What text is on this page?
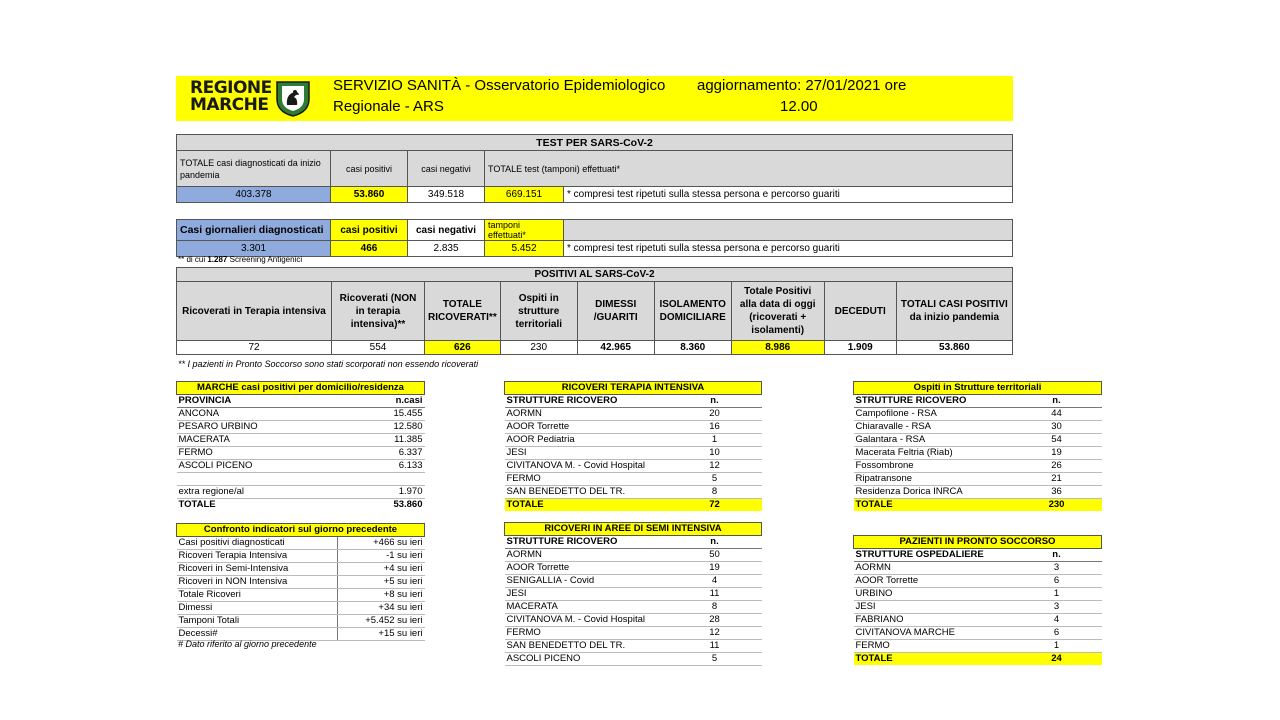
REGIONE
MARCHE
SERVIZIO SANITÀ - Osservatorio Epidemiologico
Regionale - ARS
aggiornamento: 27/01/2021 ore
12.00
TEST PER SARS-CoV-2				
TOTALE casi diagnosticati da inizio pandemia	casi positivi	casi negativi	TOTALE test (tamponi) effettuati*	
403.378	53.860	349.518	669.151	* compresi test ripetuti sulla stessa persona e percorso guariti
Casi giornalieri diagnosticati	casi positivi	casi negativi	tamponi effettuati*	
3.301	466	2.835	5.452	* compresi test ripetuti sulla stessa persona e percorso guariti
** di cui 1.287 Screening Antigenici
POSITIVI AL SARS-CoV-2								
Ricoverati in Terapia intensiva	Ricoverati (NON in terapia intensiva)**	TOTALE RICOVERATI**	Ospiti in strutture territoriali	DIMESSI /GUARITI	ISOLAMENTO DOMICILIARE	Totale Positivi alla data di oggi (ricoverati + isolamenti)	DECEDUTI	TOTALI CASI POSITIVI da inizio pandemia
72	554	626	230	42.965	8.360	8.986	1.909	53.860
** I pazienti in Pronto Soccorso sono stati scorporati non essendo ricoverati
MARCHE casi positivi per domicilio/residenza	
PROVINCIA	n.casi
ANCONA	15.455
PESARO URBINO	12.580
MACERATA	11.385
FERMO	6.337
ASCOLI PICENO	6.133

extra regione/al	1.970
TOTALE	53.860
Confronto indicatori sul giorno precedente	
Casi positivi diagnosticati	+466 su ieri
Ricoveri Terapia Intensiva	-1 su ieri
Ricoveri in Semi-Intensiva	+4 su ieri
Ricoveri in NON Intensiva	+5 su ieri
Totale Ricoveri	+8 su ieri
Dimessi	+34 su ieri
Tamponi Totali	+5.452 su ieri
Decessi#	+15 su ieri
# Dato riferito al giorno precedente
RICOVERI TERAPIA INTENSIVA	
STRUTTURE RICOVERO	n.
AORMN	20
AOOR Torrette	16
AOOR Pediatria	1
JESI	10
CIVITANOVA M. - Covid Hospital	12
FERMO	5
SAN BENEDETTO DEL TR.	8
TOTALE	72
RICOVERI IN AREE DI SEMI INTENSIVA	
STRUTTURE RICOVERO	n.
AORMN	50
AOOR Torrette	19
SENIGALLIA - Covid	4
JESI	11
MACERATA	8
CIVITANOVA M. - Covid Hospital	28
FERMO	12
SAN BENEDETTO DEL TR.	11
ASCOLI PICENO	5
Ospiti in Strutture territoriali	
STRUTTURE RICOVERO	n.
Campofilone - RSA	44
Chiaravalle - RSA	30
Galantara - RSA	54
Macerata Feltria (Riab)	19
Fossombrone	26
Ripatransone	21
Residenza Dorica INRCA	36
TOTALE	230
PAZIENTI IN PRONTO SOCCORSO	
STRUTTURE OSPEDALIERE	n.
AORMN	3
AOOR Torrette	6
URBINO	1
JESI	3
FABRIANO	4
CIVITANOVA MARCHE	6
FERMO	1
TOTALE	24
